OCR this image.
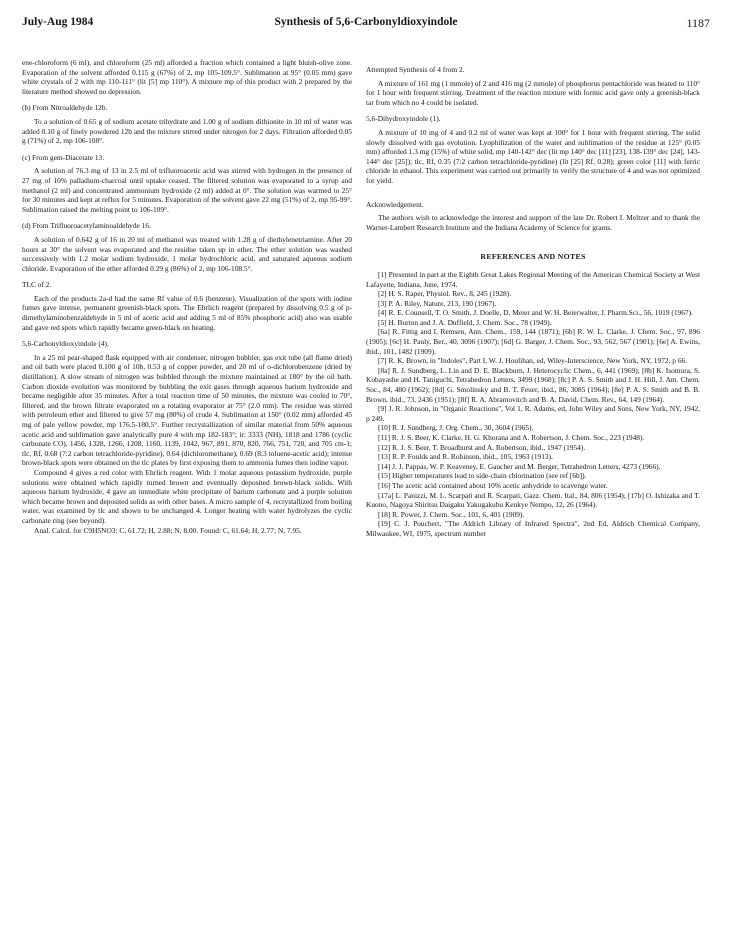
July-Aug 1984	Synthesis of 5,6-Carbonyldioxyindole	1187

ene-chloroform (6 ml), and chloroform (25 ml) afforded a fraction which contained a light bluish-olive zone. Evaporation of the solvent afforded 0.115 g (67%) of 2, mp 105-109.5°. Sublimation at 95° (0.05 mm) gave white crystals of 2 with mp 110-111° (lit [5] mp 110°). A mixture mp of this product with 2 prepared by the literature method showed no depression.

(b) From Nitroaldehyde 12b.

To a solution of 0.65 g of sodium acetate trihydrate and 1.00 g of sodium dithionite in 10 ml of water was added 0.10 g of finely powdered 12b and the mixture stirred under nitrogen for 2 days. Filtration afforded 0.05 g (71%) of 2, mp 106-108°.

(c) From gem-Diacetate 13.

A solution of 76.3 mg of 13 in 2.5 ml of trifluoroacetic acid was stirred with hydrogen in the presence of 27 mg of 10% palladium-charcoal until uptake ceased. The filtered solution was evaporated to a syrup and methanol (2 ml) and concentrated ammonium hydroxide (2 ml) added at 0°. The solution was warmed to 25° for 30 minutes and kept at reflux for 5 minutes. Evaporation of the solvent gave 22 mg (51%) of 2, mp 95-99°. Sublimation raised the melting point to 106-109°.

(d) From Trifluoroacetylaminoaldehyde 16.

A solution of 0.642 g of 16 in 20 ml of methanol was treated with 1.28 g of diethylenetriamine. After 20 hours at 30° the solvent was evaporated and the residue taken up in ether. The ether solution was washed successively with 1.2 molar sodium hydroxide, 1 molar hydrochloric acid, and saturated aqueous sodium chloride. Evaporation of the ether afforded 0.29 g (86%) of 2, mp 106-108.5°.

TLC of 2.

Each of the products 2a-d had the same Rf value of 0.6 (benzene). Visualization of the spots with iodine fumes gave intense, permanent greenish-black spots. The Ehrlich reagent (prepared by dissolving 0.5 g of p-dimethylaminobenzaldehyde in 5 ml of acetic acid and adding 5 ml of 85% phosphoric acid) also was usable and gave red spots which rapidly became green-black on heating.

5,6-Carbonyldioxyindole (4).

In a 25 ml pear-shaped flask equipped with air condenser, nitrogen bubbler, gas exit tube (all flame dried) and oil bath were placed 0.100 g of 10b, 0.53 g of copper powder, and 20 ml of o-dichlorobenzene (dried by distillation). A slow stream of nitrogen was bubbled through the mixture maintained at 180° by the oil bath. Carbon dioxide evolution was monitored by bubbling the exit gases through aqueous barium hydroxide and became negligible after 35 minutes. After a total reaction time of 50 minutes, the mixture was cooled to 70°, filtered, and the brown filtrate evaporated on a rotating evaporator at 75° (2.0 mm). The residue was stirred with petroleum ether and filtered to give 57 mg (80%) of crude 4. Sublimation at 150° (0.02 mm) afforded 45 mg of pale yellow powder, mp 176.5-180.5°. Further recrystallization of similar material from 50% aqueous acetic acid and sublimation gave analytically pure 4 with mp 182-183°; ir: 3333 (NH), 1818 and 1786 (cyclic carbonate CO), 1456, 1328, 1266, 1208, 1160, 1139, 1042, 967, 891, 870, 820, 766, 751, 720, and 705 cm-1; tlc, Rf, 0.68 (7:2 carbon tetrachloride-pyridine), 0.64 (dichloromethane), 0.69 (8:3 toluene-acetic acid); intense brown-black spots were obtained on the tlc plates by first exposing them to ammonia fumes then iodine vapor.

Compound 4 gives a red color with Ehrlich reagent. With 1 molar aqueous potassium hydroxide, purple solutions were obtained which rapidly turned brown and eventually deposited brown-black solids. With aqueous barium hydroxide, 4 gave an immediate white precipitate of barium carbonate and a purple solution which became brown and deposited solids as with other bases. A micro sample of 4, recrystallized from boiling water, was examined by tlc and shown to be unchanged 4. Longer heating with water hydrolyzes the cyclic carbonate ring (see beyond).

Anal. Calcd. for C9H5NO3: C, 61.72; H, 2.88; N, 8.00. Found: C, 61.64; H, 2.77; N, 7.95.

Attempted Synthesis of 4 from 2.

A mixture of 161 mg (1 mmole) of 2 and 416 mg (2 mmole) of phosphorus pentachloride was heated to 110° for 1 hour with frequent stirring. Treatment of the reaction mixture with formic acid gave only a greenish-black tar from which no 4 could be isolated.

5,6-Dihydroxyindole (1).

A mixture of 10 mg of 4 and 0.2 ml of water was kept at 100° for 1 hour with frequent stirring. The solid slowly dissolved with gas evolution. Lyophilization of the water and sublimation of the residue at 125° (0.05 mm) afforded 1.3 mg (15%) of white solid, mp 140-142° dec (lit mp 140° dec [11] [23], 138-139° dec [24], 143-144° dec [25]); tlc, Rf, 0.35 (7:2 carbon tetrachloride-pyridine) (lit [25] Rf, 0.28); green color [11] with ferric chloride in ethanol. This experiment was carried out primarily to verify the structure of 4 and was not optimized for yield.

Acknowledgement.

The authors wish to acknowledge the interest and support of the late Dr. Robert I. Meltzer and to thank the Warner-Lambert Research Institute and the Indiana Academy of Science for grants.

REFERENCES AND NOTES

[1] Presented in part at the Eighth Great Lakes Regional Meeting of the American Chemical Society at West Lafayette, Indiana, June, 1974.

[2] H. S. Raper, Physiol. Rev., 8, 245 (1928).

[3] P. A. Riley, Nature, 213, 190 (1967).

[4] R. E. Counsell, T. O. Smith, J. Doelle, D. Meier and W. H. Beierwalter, J. Pharm.Sci., 56, 1019 (1967).

[5] H. Burton and J. A. Duffield, J. Chem. Soc., 78 (1949).

[6a] R. Fittig and I. Remsen, Ann. Chem., 159, 144 (1871); [6b] R. W. L. Clarke, J. Chem. Soc., 97, 896 (1905); [6c] H. Pauly, Ber., 40, 3096 (1907); [6d] G. Barger, J. Chem. Soc., 93, 562, 567 (1901); [6e] A. Ewins, ibid., 101, 1482 (1909).

[7] R. K. Brown, in "Indoles", Part I, W. J. Houlihan, ed, Wiley-Interscience, New York, NY, 1972, p 66.

[8a] R. J. Sundberg, L. Lin and D. E. Blackburn, J. Heterocyclic Chem., 6, 441 (1969); [8b] K. Isomura, S. Kobayashe and H. Taniguchi, Tetrahedron Letters, 3499 (1968); [8c] P. A. S. Smith and J. H. Hill, J. Am. Chem. Soc., 84, 480 (1962); [8d] G. Smolinsky and B. T. Feuer, ibid., 86, 3085 (1964); [8e] P. A. S. Smith and B. B. Brown, ibid., 73, 2436 (1951); [8f] R. A. Abramovitch and B. A. David, Chem. Rev., 64, 149 (1964).

[9] J. R. Johnson, in "Organic Reactions", Vol 1, R. Adams, ed, John Wiley and Sons, New York, NY, 1942, p 249.

[10] R. J. Sundberg, J. Org. Chem., 30, 3604 (1965).

[11] R. J. S. Beer, K. Clarke, H. G. Khorana and A. Robertson, J. Chem. Soc., 223 (1948).

[12] R. J. S. Beer, T. Broadhurst and A. Robertson, ibid., 1947 (1954).

[13] R. P. Foulds and R. Robinson, ibid., 105, 1963 (1913).

[14] J. J. Pappas, W. P. Keaveney, E. Gaucher and M. Berger, Tetrahedron Letters, 4273 (1966).

[15] Higher temperatures lead to side-chain chlorination (see ref [6b]).

[16] The acetic acid contained about 10% acetic anhydride to scavenge water.

[17a] L. Panizzi, M. L. Scarpati and R. Scarpati, Gazz. Chem. Ital., 84, 806 (1954); [17b] O. Ishizaka and T. Kuono, Nagoya Shiritsu Daigaku Yakugakubu Kenkye Nempo, 12, 26 (1964).

[18] R. Power, J. Chem. Soc., 101, 6, 401 (1909).

[19] C. J. Pouchert, "The Aldrich Library of Infrared Spectra", 2nd Ed, Aldrich Chemical Company, Milwaukee, WI, 1975, spectrum number
